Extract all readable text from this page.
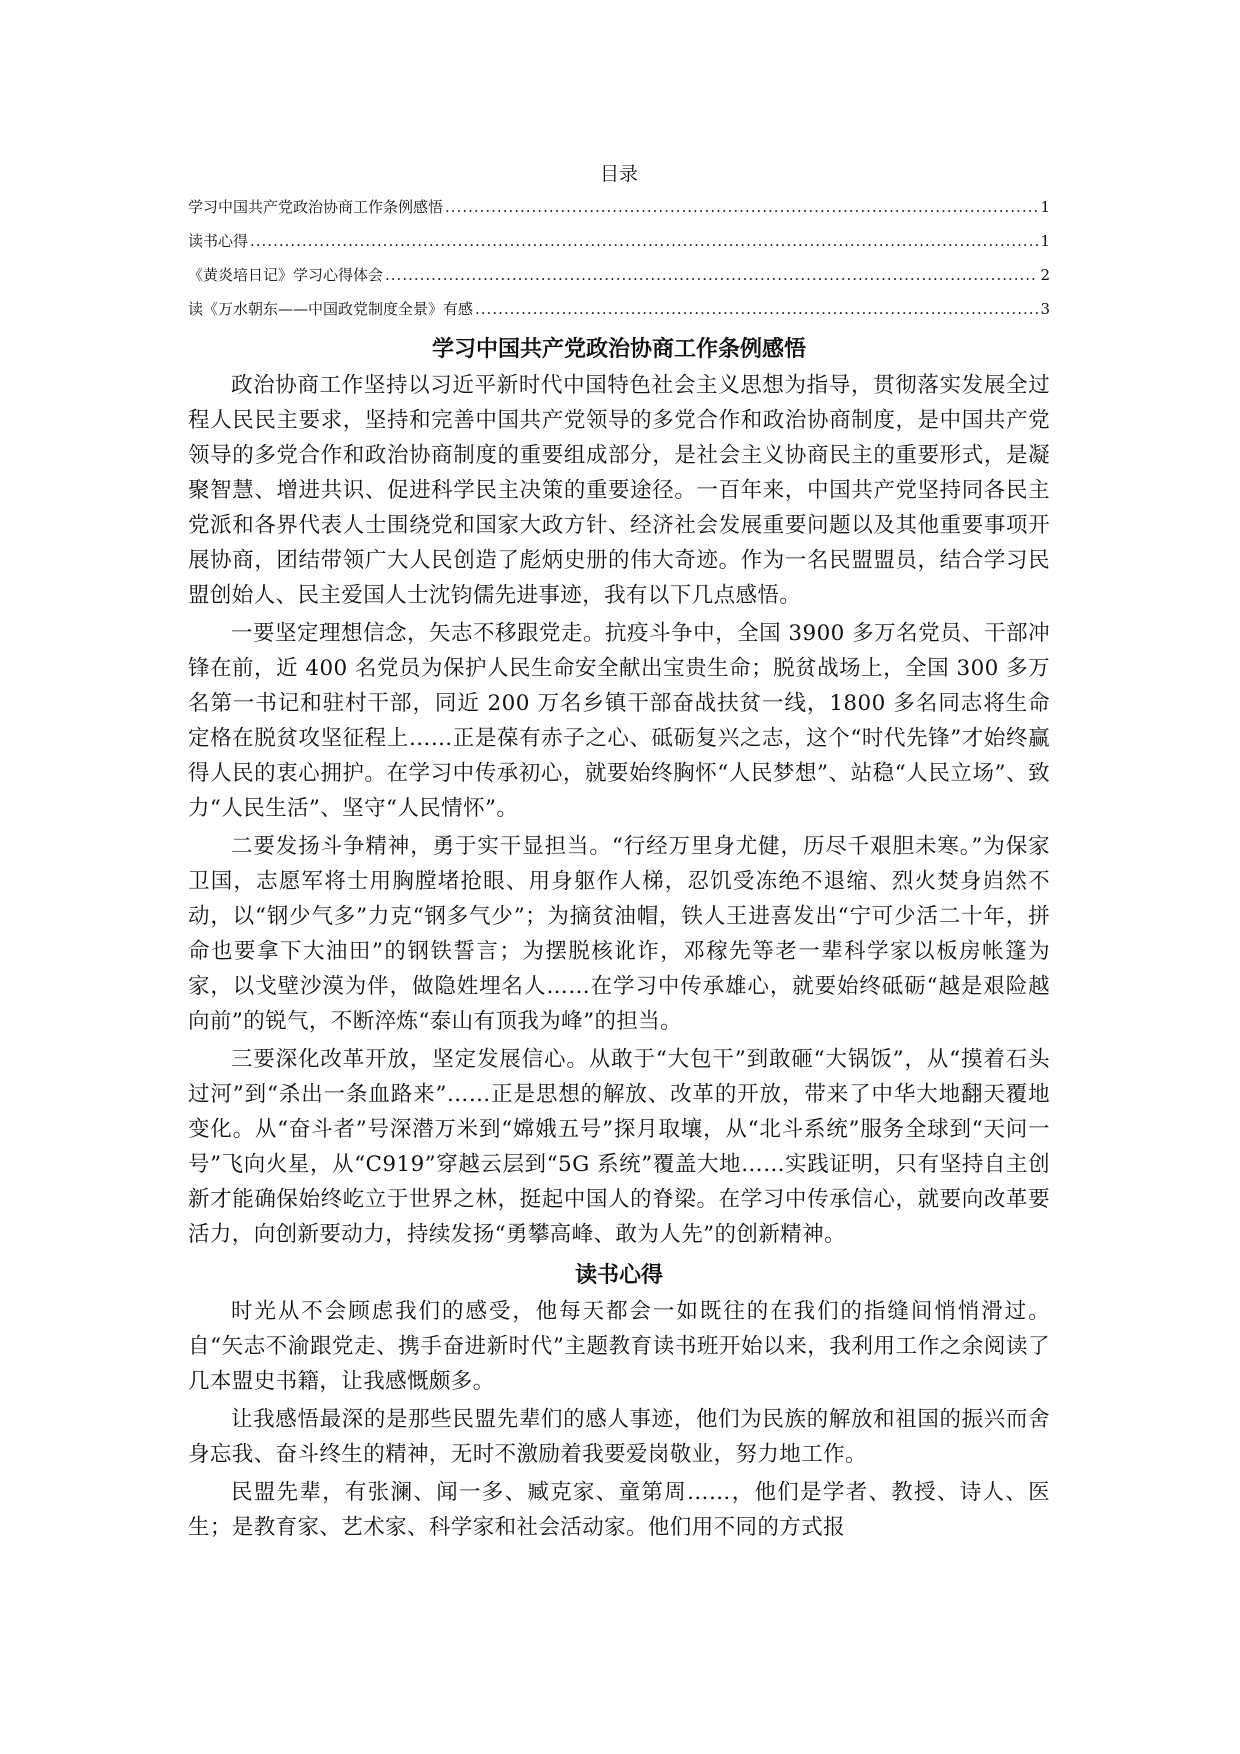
目录
学习中国共产党政治协商工作条例感悟 .....	1
读书心得 .....	1
《黄炎培日记》学习心得体会 .....	2
读《万水朝东——中国政党制度全景》有感 .....	3
学习中国共产党政治协商工作条例感悟

政治协商工作坚持以习近平新时代中国特色社会主义思想为指导，贯彻落实发展全过程人民民主要求，坚持和完善中国共产党领导的多党合作和政治协商制度，是中国共产党领导的多党合作和政治协商制度的重要组成部分，是社会主义协商民主的重要形式，是凝聚智慧、增进共识、促进科学民主决策的重要途径。一百年来，中国共产党坚持同各民主党派和各界代表人士围绕党和国家大政方针、经济社会发展重要问题以及其他重要事项开展协商，团结带领广大人民创造了彪炳史册的伟大奇迹。作为一名民盟盟员，结合学习民盟创始人、民主爱国人士沈钧儒先进事迹，我有以下几点感悟。

一要坚定理想信念，矢志不移跟党走。抗疫斗争中，全国 3900 多万名党员、干部冲锋在前，近 400 名党员为保护人民生命安全献出宝贵生命；脱贫战场上，全国 300 多万名第一书记和驻村干部，同近 200 万名乡镇干部奋战扶贫一线，1800 多名同志将生命定格在脱贫攻坚征程上……正是葆有赤子之心、砥砺复兴之志，这个“时代先锋”才始终赢得人民的衷心拥护。在学习中传承初心，就要始终胸怀“人民梦想”、站稳“人民立场”、致力“人民生活”、坚守“人民情怀”。

二要发扬斗争精神，勇于实干显担当。“行经万里身尤健，历尽千艰胆未寒。”为保家卫国，志愿军将士用胸膛堵抢眼、用身躯作人梯，忍饥受冻绝不退缩、烈火焚身岿然不动，以“钢少气多”力克“钢多气少”；为摘贫油帽，铁人王进喜发出“宁可少活二十年，拼命也要拿下大油田”的钢铁誓言；为摆脱核讹诈，邓稼先等老一辈科学家以板房帐篷为家，以戈壁沙漠为伴，做隐姓埋名人……在学习中传承雄心，就要始终砥砺“越是艰险越向前”的锐气，不断淬炼“泰山有顶我为峰”的担当。

三要深化改革开放，坚定发展信心。从敢于“大包干”到敢砸“大锅饭”，从“摸着石头过河”到“杀出一条血路来”……正是思想的解放、改革的开放，带来了中华大地翻天覆地变化。从“奋斗者”号深潜万米到“嫦娥五号”探月取壤，从“北斗系统”服务全球到“天问一号”飞向火星，从“C919”穿越云层到“5G 系统”覆盖大地……实践证明，只有坚持自主创新才能确保始终屹立于世界之林，挺起中国人的脊梁。在学习中传承信心，就要向改革要活力，向创新要动力，持续发扬“勇攀高峰、敢为人先”的创新精神。

读书心得

时光从不会顾虑我们的感受，他每天都会一如既往的在我们的指缝间悄悄滑过。自“矢志不渝跟党走、携手奋进新时代”主题教育读书班开始以来，我利用工作之余阅读了几本盟史书籍，让我感慨颇多。

让我感悟最深的是那些民盟先辈们的感人事迹，他们为民族的解放和祖国的振兴而舍身忘我、奋斗终生的精神，无时不激励着我要爱岗敬业，努力地工作。

民盟先辈，有张澜、闻一多、臧克家、童第周……，他们是学者、教授、诗人、医生；是教育家、艺术家、科学家和社会活动家。他们用不同的方式报
